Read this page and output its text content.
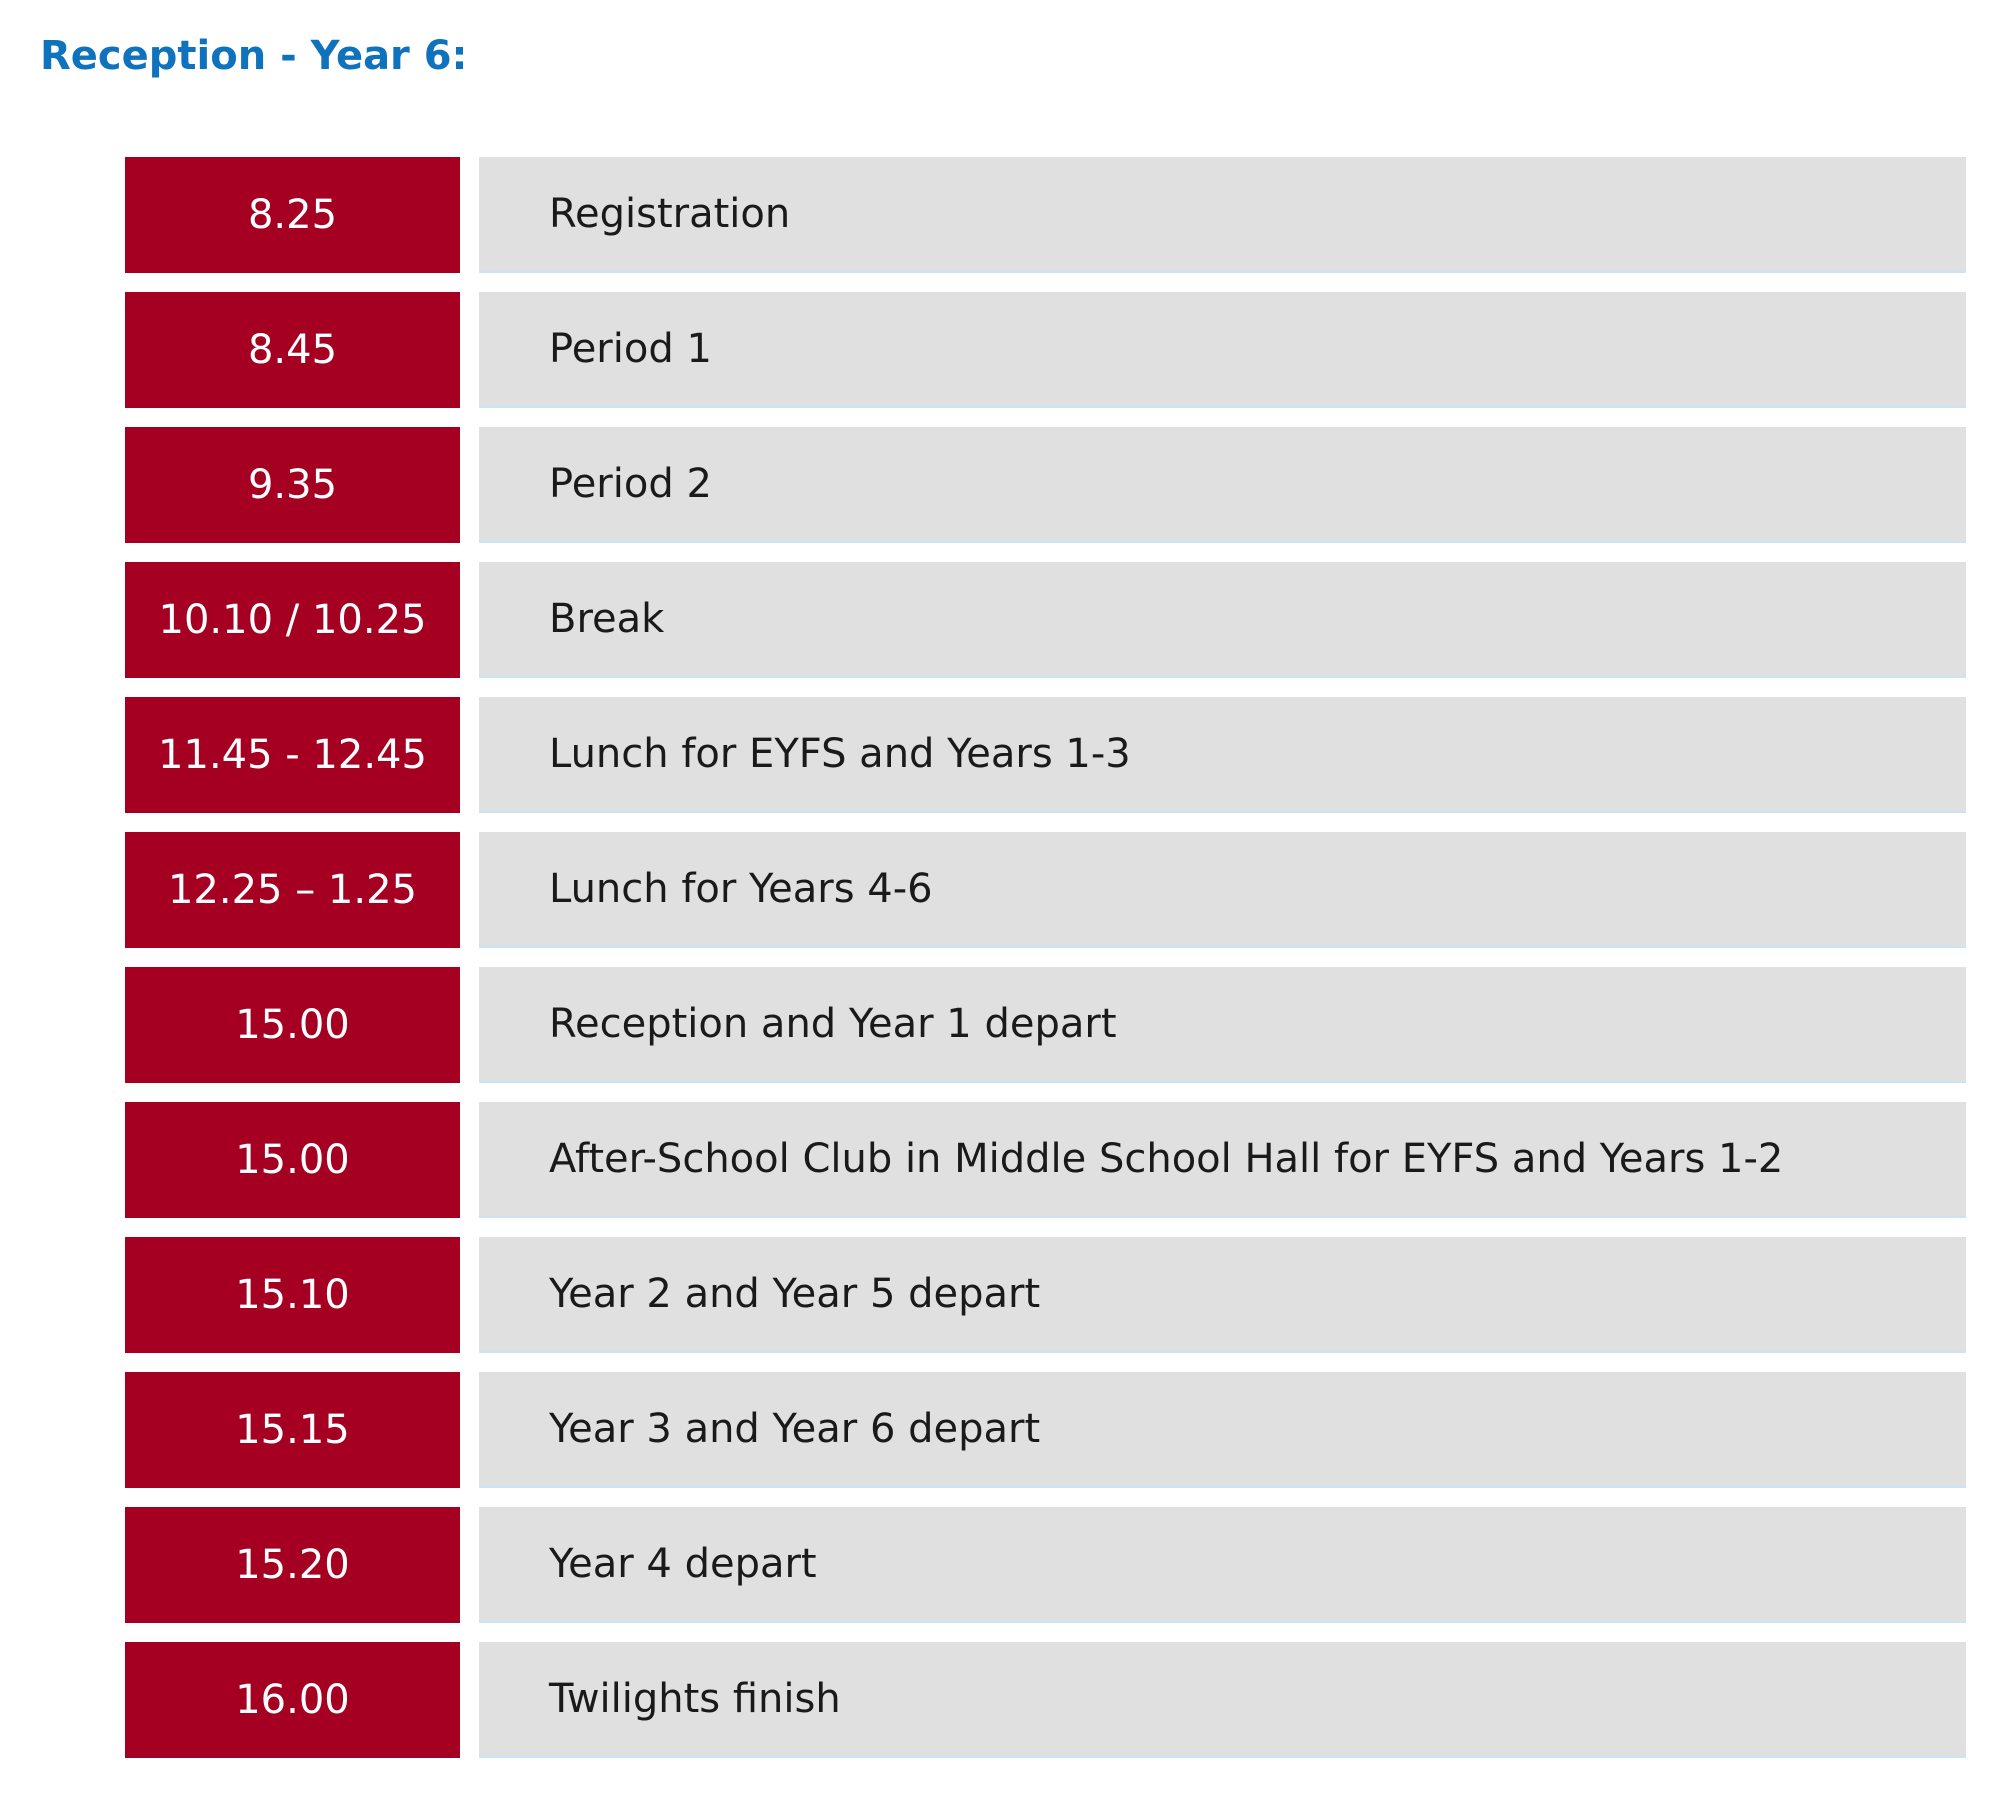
Reception - Year 6:
8.25	Registration
8.45	Period 1
9.35	Period 2
10.10 / 10.25	Break
11.45 - 12.45	Lunch for EYFS and Years 1-3
12.25 – 1.25	Lunch for Years 4-6
15.00	Reception and Year 1 depart
15.00	After-School Club in Middle School Hall for EYFS and Years 1-2
15.10	Year 2 and Year 5 depart
15.15	Year 3 and Year 6 depart
15.20	Year 4 depart
16.00	Twilights finish
